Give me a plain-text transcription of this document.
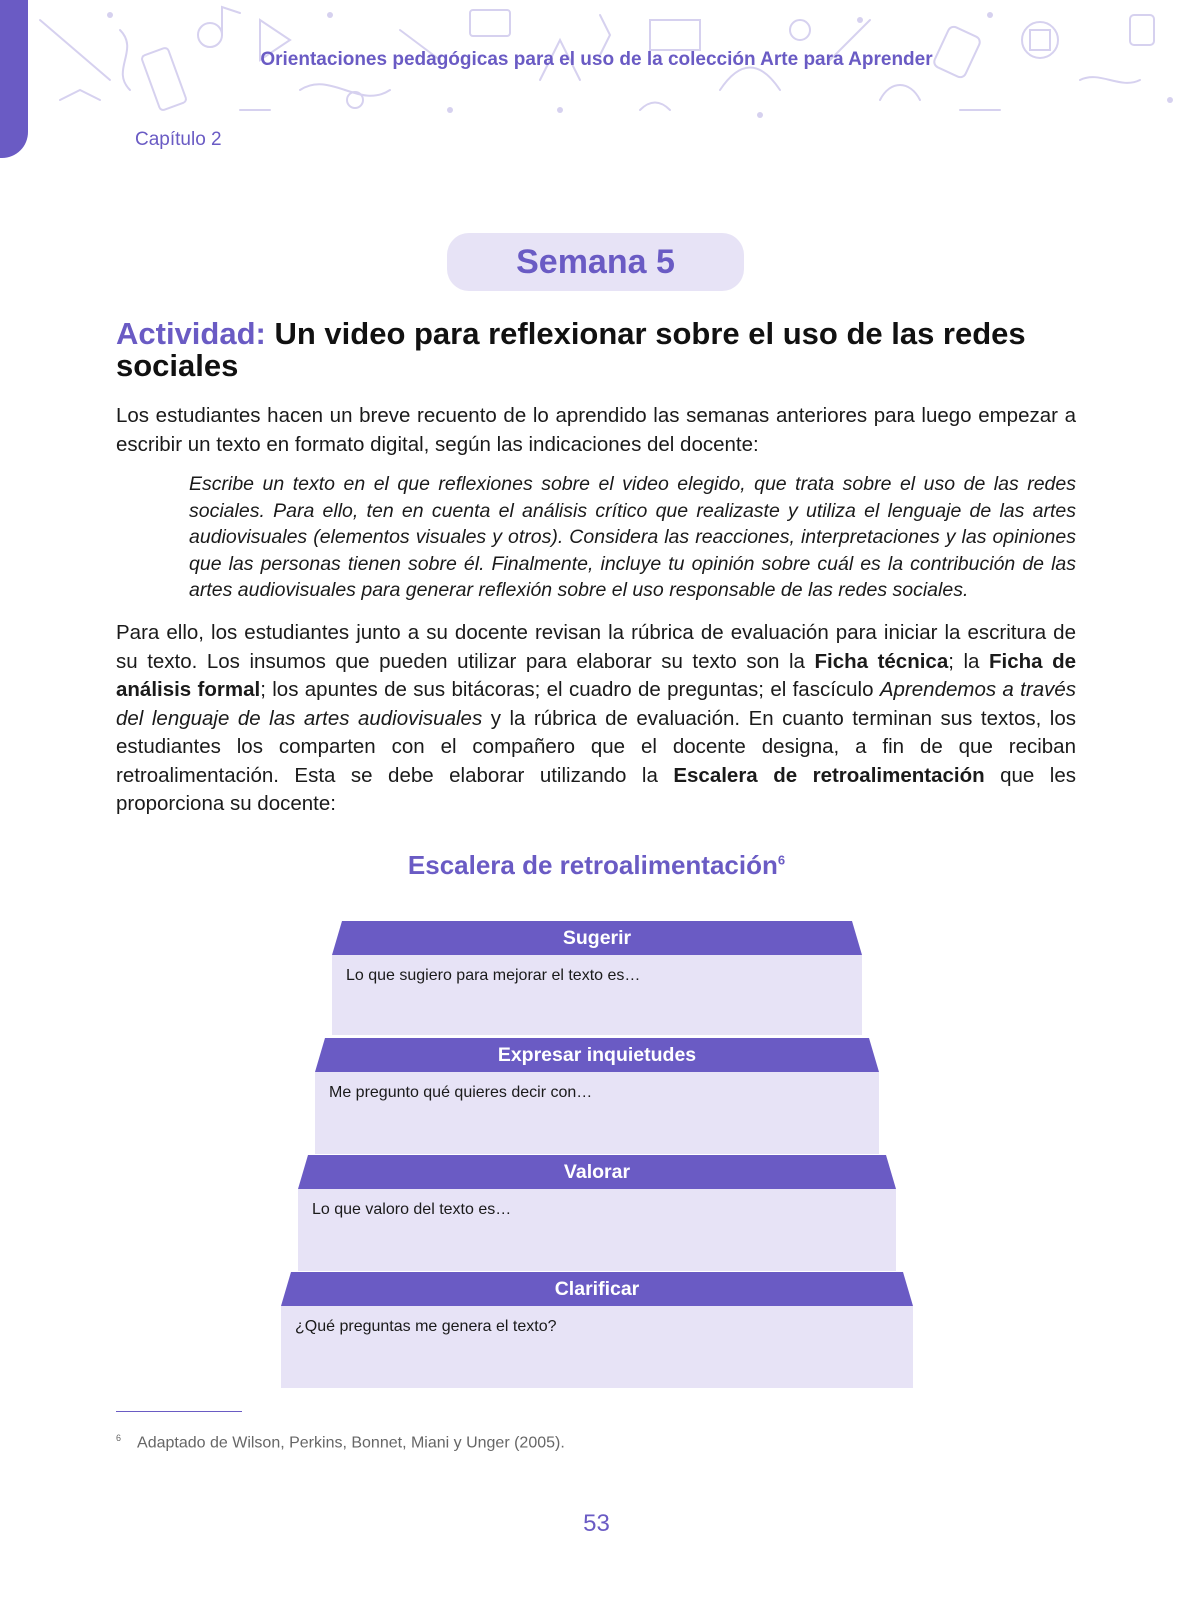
Orientaciones pedagógicas para el uso de la colección Arte para Aprender
Capítulo 2
Semana 5
Actividad: Un video para reflexionar sobre el uso de las redes sociales

Los estudiantes hacen un breve recuento de lo aprendido las semanas anteriores para luego empezar a escribir un texto en formato digital, según las indicaciones del docente:

Escribe un texto en el que reflexiones sobre el video elegido, que trata sobre el uso de las redes sociales. Para ello, ten en cuenta el análisis crítico que realizaste y utiliza el lenguaje de las artes audiovisuales (elementos visuales y otros). Considera las reacciones, interpretaciones y las opiniones que las personas tienen sobre él. Finalmente, incluye tu opinión sobre cuál es la contribución de las artes audiovisuales para generar reflexión sobre el uso responsable de las redes sociales.

Para ello, los estudiantes junto a su docente revisan la rúbrica de evaluación para iniciar la escritura de su texto. Los insumos que pueden utilizar para elaborar su texto son la Ficha técnica; la Ficha de análisis formal; los apuntes de sus bitácoras; el cuadro de preguntas; el fascículo Aprendemos a través del lenguaje de las artes audiovisuales y la rúbrica de evaluación. En cuanto terminan sus textos, los estudiantes los comparten con el compañero que el docente designa, a fin de que reciban retroalimentación. Esta se debe elaborar utilizando la Escalera de retroalimentación que les proporciona su docente:

Escalera de retroalimentación$^6$
Sugerir
Lo que sugiero para mejorar el texto es…
Expresar inquietudes
Me pregunto qué quieres decir con…
Valorar
Lo que valoro del texto es…
Clarificar
¿Qué preguntas me genera el texto?
$^6$ Adaptado de Wilson, Perkins, Bonnet, Miani y Unger (2005).
53
